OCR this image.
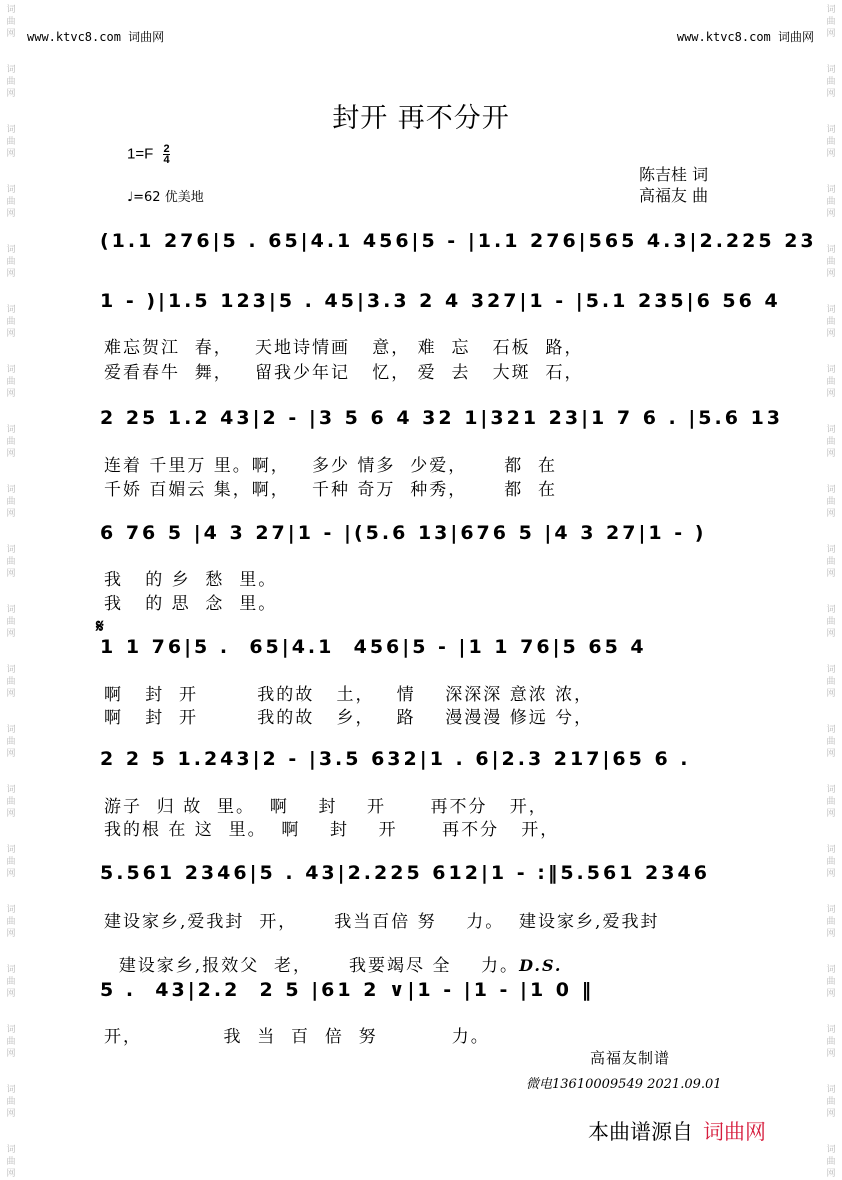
词
曲
网
词
曲
网
词
曲
网
词
曲
网
词
曲
网
词
曲
网
词
曲
网
词
曲
网
词
曲
网
词
曲
网
词
曲
网
词
曲
网
词
曲
网
词
曲
网
词
曲
网
词
曲
网
词
曲
网
词
曲
网
词
曲
网
词
曲
网
词
曲
网
词
曲
网
词
曲
网
词
曲
网
词
曲
网
词
曲
网
词
曲
网
词
曲
网
词
曲
网
词
曲
网
词
曲
网
词
曲
网
词
曲
网
词
曲
网
词
曲
网
词
曲
网
词
曲
网
词
曲
网
词
曲
网
词
曲
网
www.ktvc8.com 词曲网	www.ktvc8.com 词曲网
封开 再不分开
$1=F \frac{2}{4}$
♩=62 优美地
陈吉桂 词
高福友 曲
𝄋
(1.1 276|5 . 65|4.1 456|5 - |1.1 276|565 4.3|2.225 23
1 - )|1.5 123|5 . 45|3.3 2 4 327|1 - |5.1 235|6 56 4
难忘贺江  春，   天地诗情画   意， 难  忘   石板  路，
爱看春牛  舞，   留我少年记   忆， 爱  去   大斑  石，
2 25 1.2 43|2 - |3 5 6 4 32 1|321 23|1 7 6 . |5.6 13
连着 千里万 里。啊，   多少 情多  少爱，     都  在
千娇 百媚云 集，啊，   千种 奇万  种秀，     都  在
6 76 5 |4 3 27|1 - |(5.6 13|676 5 |4 3 27|1 - )
我   的 乡  愁  里。
我   的 思  念  里。
1 1 76|5 .  65|4.1  456|5 - |1 1 76|5 65 4
啊   封  开        我的故   土，   情    深深深 意浓 浓，
啊   封  开        我的故   乡，   路    漫漫漫 修远 兮，
2 2 5 1.243|2 - |3.5 632|1 . 6|2.3 217|65 6 .
游子  归 故  里。  啊    封    开      再不分   开，
我的根 在 这  里。  啊    封    开      再不分   开，
5.561 2346|5 . 43|2.225 612|1 - :‖5.561 2346
建设家乡,爱我封  开，     我当百倍 努    力。  建设家乡,爱我封

建设家乡,报效父  老，     我要竭尽 全    力。D.S.

5 .  43|2.2  2 5 |61 2 ∨|1 - |1 - |1 0 ‖
开，           我  当  百  倍  努          力。
高福友制谱
微电13610009549 2021.09.01
本曲谱源自 词曲网
